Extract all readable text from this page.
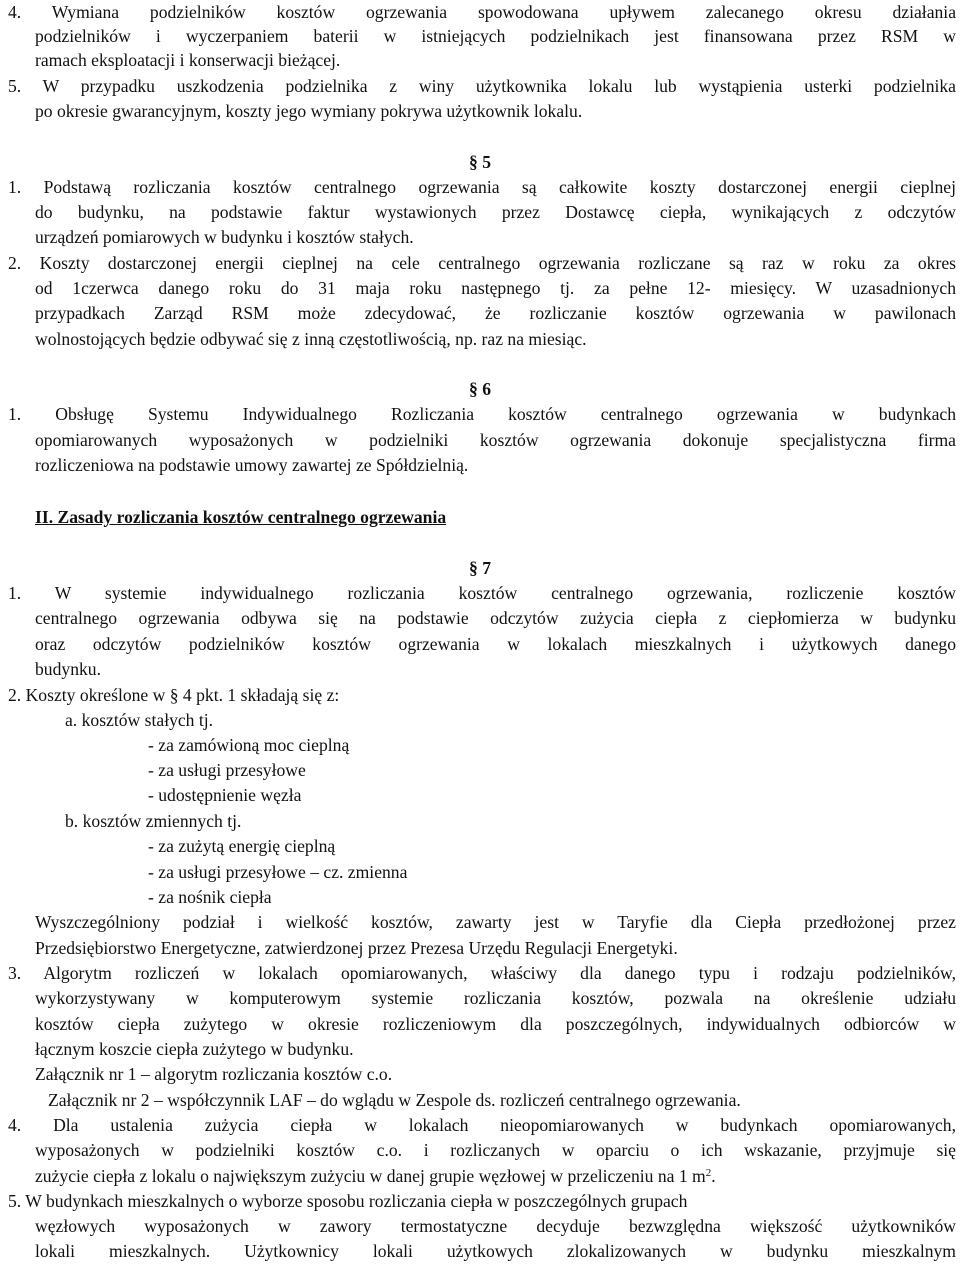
4. Wymiana podzielników kosztów ogrzewania spowodowana upływem zalecanego okresu działania
podzielników i wyczerpaniem baterii w istniejących podzielnikach jest finansowana przez RSM w
ramach eksploatacji i konserwacji bieżącej.
5. W przypadku uszkodzenia podzielnika z winy użytkownika lokalu lub wystąpienia usterki podzielnika
po okresie gwarancyjnym, koszty jego wymiany pokrywa użytkownik lokalu.
§ 5
1. Podstawą rozliczania kosztów centralnego ogrzewania są całkowite koszty dostarczonej energii cieplnej
do budynku, na podstawie faktur wystawionych przez Dostawcę ciepła, wynikających z odczytów
urządzeń pomiarowych w budynku i kosztów stałych.
2. Koszty dostarczonej energii cieplnej na cele centralnego ogrzewania rozliczane są raz w roku za okres
od 1czerwca danego roku do 31 maja roku następnego tj. za pełne 12- miesięcy. W uzasadnionych
przypadkach Zarząd RSM może zdecydować, że rozliczanie kosztów ogrzewania w pawilonach
wolnostojących będzie odbywać się z inną częstotliwością, np. raz na miesiąc.
§ 6
1. Obsługę Systemu Indywidualnego Rozliczania kosztów centralnego ogrzewania w budynkach
opomiarowanych wyposażonych w podzielniki kosztów ogrzewania dokonuje specjalistyczna firma
rozliczeniowa na podstawie umowy zawartej ze Spółdzielnią.
II. Zasady rozliczania kosztów centralnego ogrzewania
§ 7
1. W systemie indywidualnego rozliczania kosztów centralnego ogrzewania, rozliczenie kosztów
centralnego ogrzewania odbywa się na podstawie odczytów zużycia ciepła z ciepłomierza w budynku
oraz odczytów podzielników kosztów ogrzewania w lokalach mieszkalnych i użytkowych danego
budynku.
2. Koszty określone w § 4 pkt. 1 składają się z:
a. kosztów stałych tj.
- za zamówioną moc cieplną
- za usługi przesyłowe
- udostępnienie węzła
b. kosztów zmiennych tj.
- za zużytą energię cieplną
- za usługi przesyłowe – cz. zmienna
- za nośnik ciepła
Wyszczególniony podział i wielkość kosztów, zawarty jest w Taryfie dla Ciepła przedłożonej przez
Przedsiębiorstwo Energetyczne, zatwierdzonej przez Prezesa Urzędu Regulacji Energetyki.
3. Algorytm rozliczeń w lokalach opomiarowanych, właściwy dla danego typu i rodzaju podzielników,
wykorzystywany w komputerowym systemie rozliczania kosztów, pozwala na określenie udziału
kosztów ciepła zużytego w okresie rozliczeniowym dla poszczególnych, indywidualnych odbiorców w
łącznym koszcie ciepła zużytego w budynku.
Załącznik nr 1 – algorytm rozliczania kosztów c.o.
Załącznik nr 2 – współczynnik LAF – do wglądu w Zespole ds. rozliczeń centralnego ogrzewania.
4. Dla ustalenia zużycia ciepła w lokalach nieopomiarowanych w budynkach opomiarowanych,
wyposażonych w podzielniki kosztów c.o. i rozliczanych w oparciu o ich wskazanie, przyjmuje się
zużycie ciepła z lokalu o największym zużyciu w danej grupie węzłowej w przeliczeniu na 1 $m^2$.
5. W budynkach mieszkalnych o wyborze sposobu rozliczania ciepła w poszczególnych grupach
węzłowych wyposażonych w zawory termostatyczne decyduje bezwzględna większość użytkowników
lokali mieszkalnych. Użytkownicy lokali użytkowych zlokalizowanych w budynku mieszkalnym
